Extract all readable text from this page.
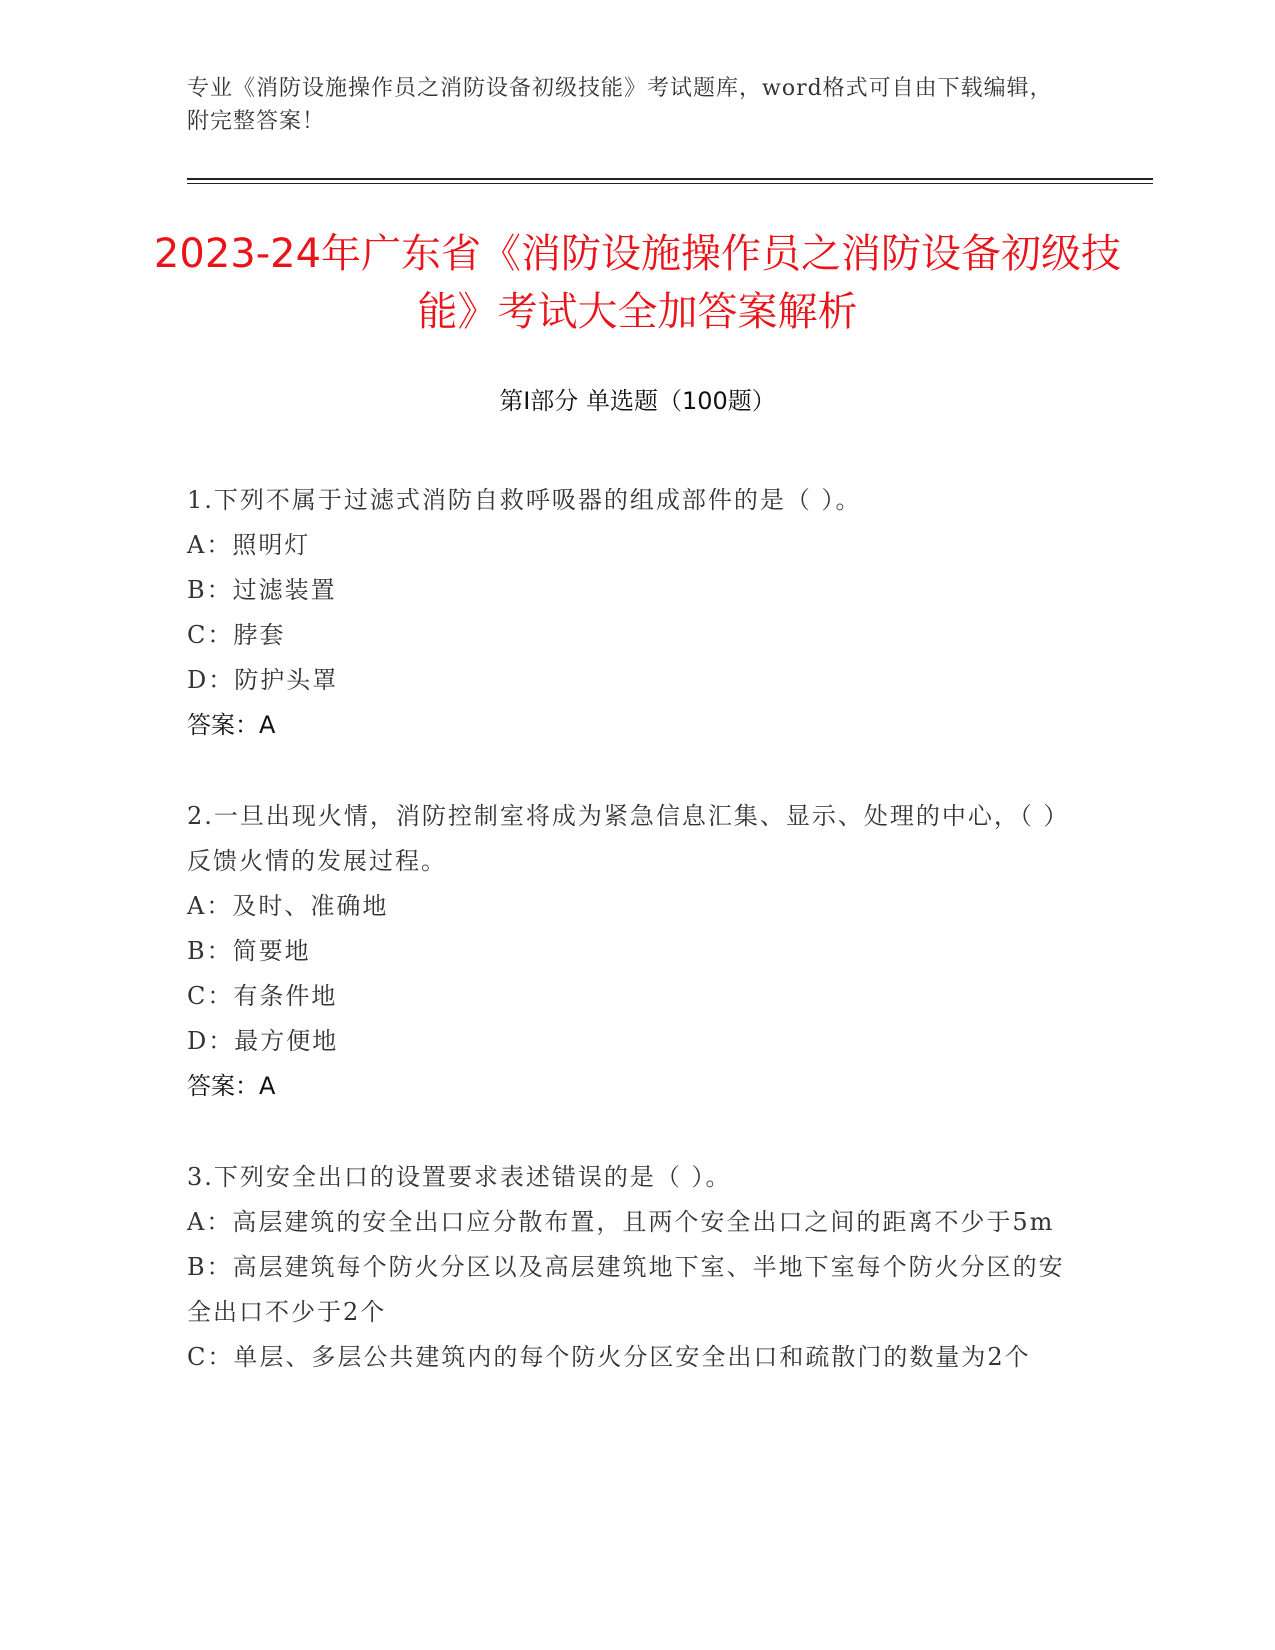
专业《消防设施操作员之消防设备初级技能》考试题库，word格式可自由下载编辑，附完整答案！
2023-24年广东省《消防设施操作员之消防设备初级技能》考试大全加答案解析
第Ⅰ部分 单选题（100题）

1.下列不属于过滤式消防自救呼吸器的组成部件的是（ ）。

A：照明灯

B：过滤装置

C：脖套

D：防护头罩

答案：A

2.一旦出现火情，消防控制室将成为紧急信息汇集、显示、处理的中心，（ ）反馈火情的发展过程。

A：及时、准确地

B：简要地

C：有条件地

D：最方便地

答案：A

3.下列安全出口的设置要求表述错误的是（ ）。

A：高层建筑的安全出口应分散布置，且两个安全出口之间的距离不少于5m

B：高层建筑每个防火分区以及高层建筑地下室、半地下室每个防火分区的安全出口不少于2个

C：单层、多层公共建筑内的每个防火分区安全出口和疏散门的数量为2个
